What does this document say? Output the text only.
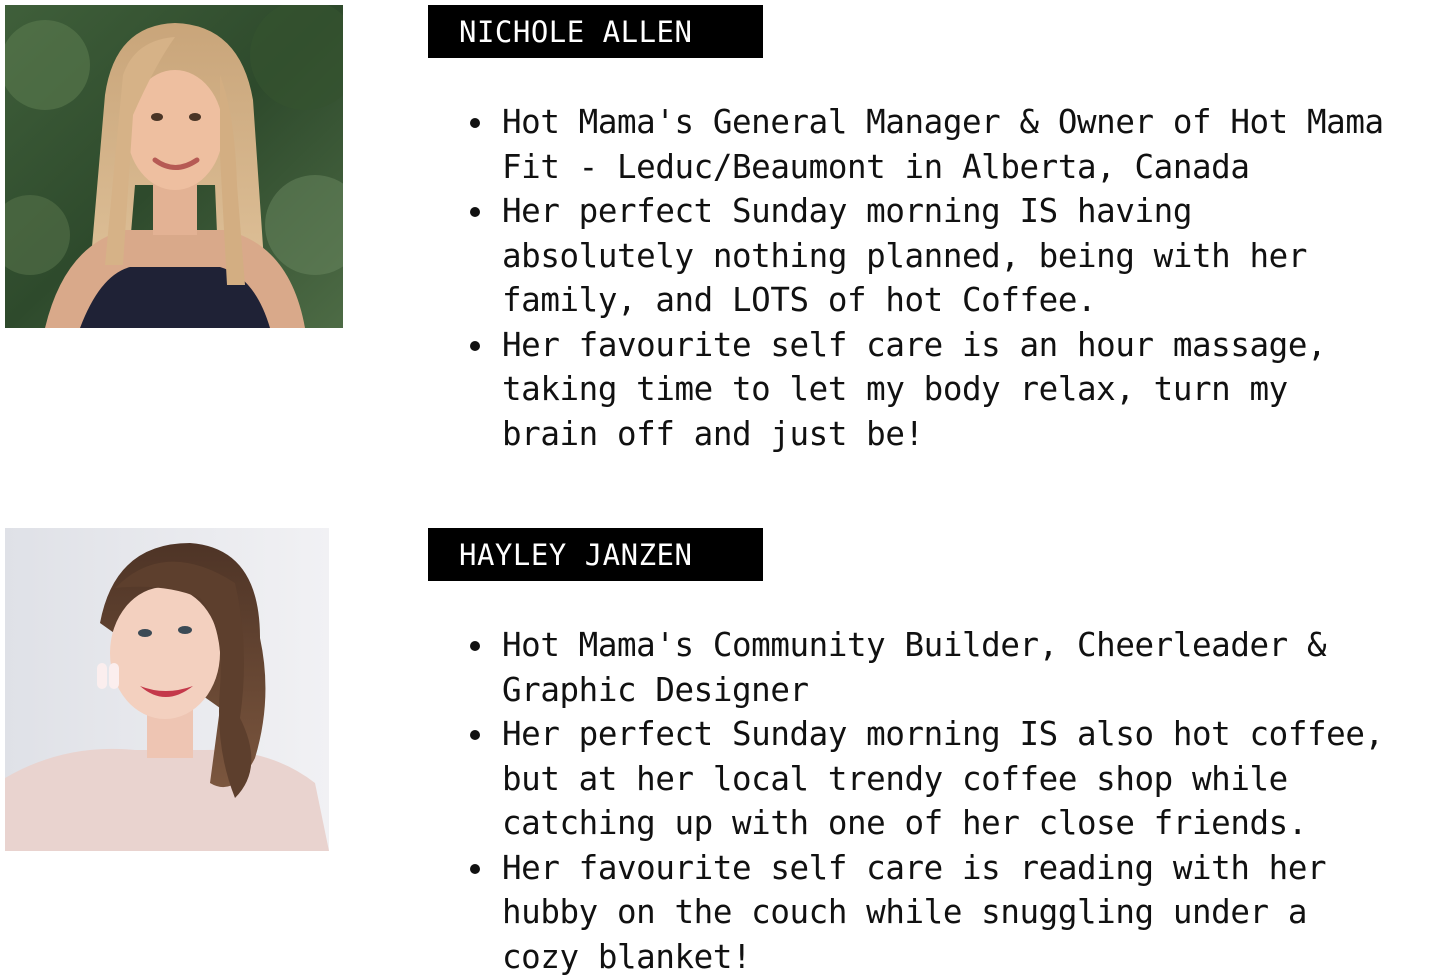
NICHOLE ALLEN
Hot Mama's General Manager & Owner of Hot Mama
Fit - Leduc/Beaumont in Alberta, Canada
Her perfect Sunday morning IS having
absolutely nothing planned, being with her
family, and LOTS of hot Coffee.
Her favourite self care is an hour massage,
taking time to let my body relax, turn my
brain off and just be!
HAYLEY JANZEN
Hot Mama's Community Builder, Cheerleader &
Graphic Designer
Her perfect Sunday morning IS also hot coffee,
but at her local trendy coffee shop while
catching up with one of her close friends.
Her favourite self care is reading with her
hubby on the couch while snuggling under a
cozy blanket!
